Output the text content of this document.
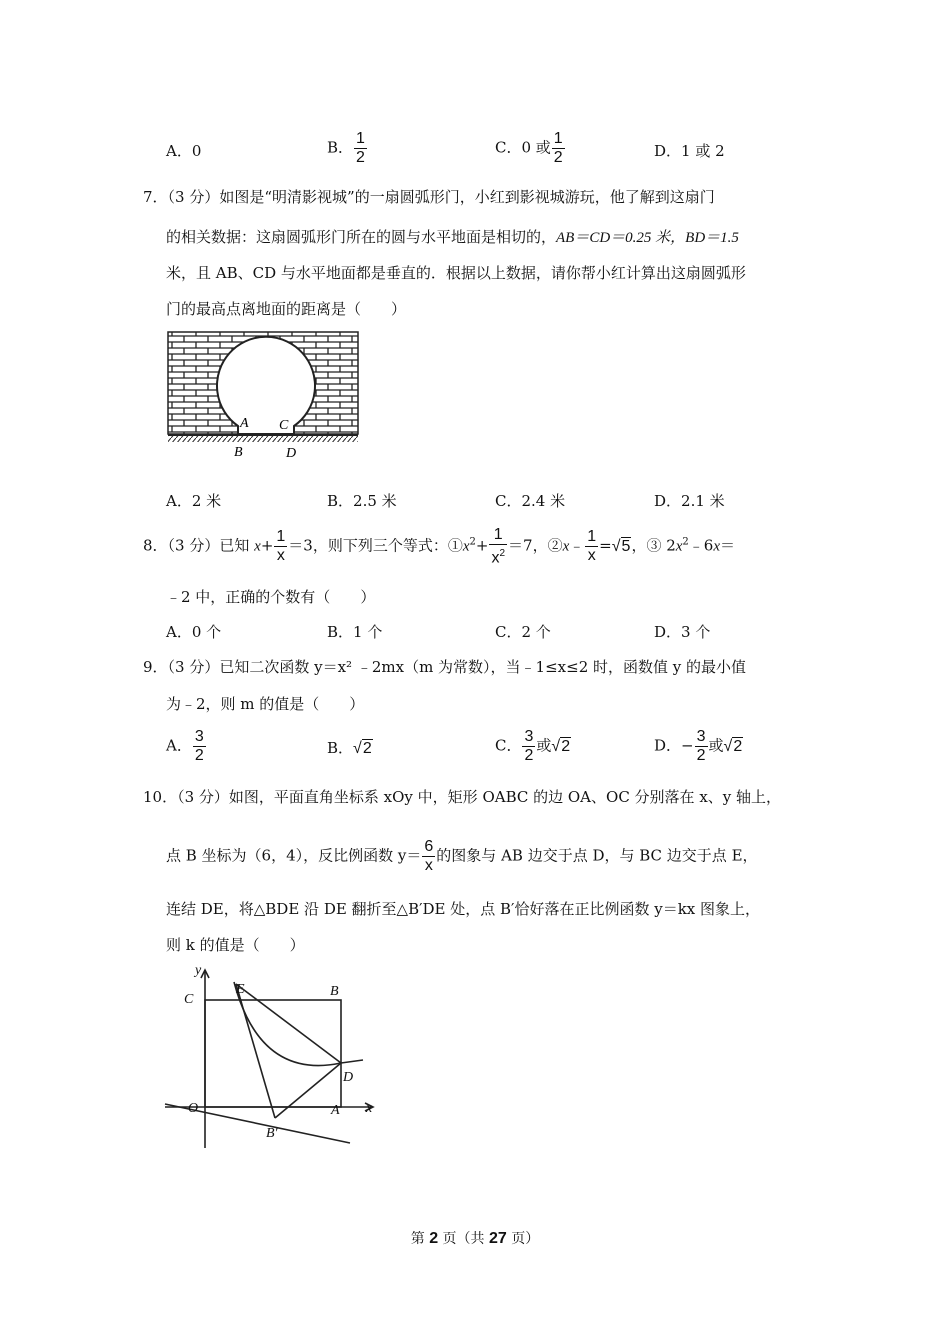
A．0	B． $\frac{1}{2}$	C．0 或 $\frac{1}{2}$	D．1 或 2
7．（3 分）如图是“明清影视城”的一扇圆弧形门，小红到影视城游玩，他了解到这扇门
的相关数据：这扇圆弧形门所在的圆与水平地面是相切的，AB＝CD＝0.25 米，BD＝1.5
米，且 AB、CD 与水平地面都是垂直的．根据以上数据，请你帮小红计算出这扇圆弧形
门的最高点离地面的距离是（　　）
A C
B	D
A．2 米	B．2.5 米	C．2.4 米	D．2.1 米
8．（3 分）已知 $x+ \frac{1}{x} =3$，则下列三个等式：$①x^2+ \frac{1}{x^2} =7$，②x﹣ $\frac{1}{x} =√5$，③ $2x^2﹣6x=$
﹣2 中，正确的个数有（　　）
A．0 个	B．1 个	C．2 个	D．3 个
9．（3 分）已知二次函数 y＝x² ﹣2mx（m 为常数），当﹣1≤x≤2 时，函数值 y 的最小值
为﹣2，则 m 的值是（　　）
A． $\frac{3}{2}$	B．√2	C． $\frac{3}{2}$ 或√2	D．− $\frac{3}{2}$ 或√2
10．（3 分）如图，平面直角坐标系 xOy 中，矩形 OABC 的边 OA、OC 分别落在 x、y 轴上，
点 B 坐标为（6，4），反比例函数 $y= \frac{6}{x}$ 的图象与 AB 边交于点 D，与 BC 边交于点 E，
连结 DE，将△BDE 沿 DE 翻折至△B′DE 处，点 B′恰好落在正比例函数 y＝kx 图象上，
则 k 的值是（　　）
y
x
C
E	B
O	A
D
B′
第 2 页（共 27 页）
